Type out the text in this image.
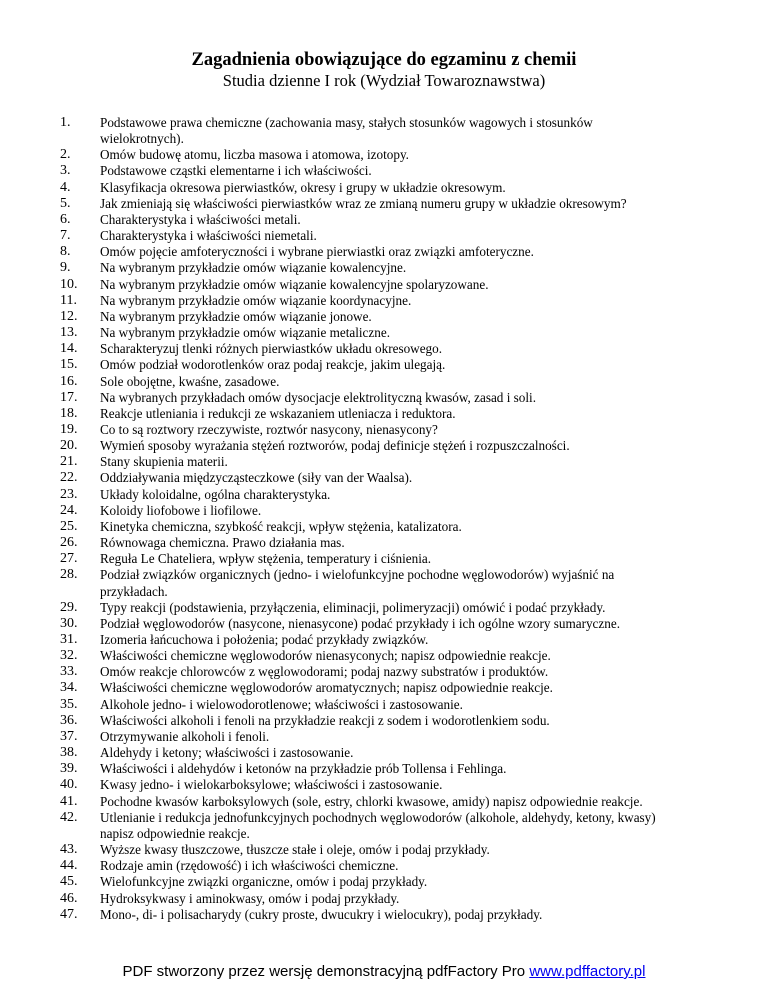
Zagadnienia obowiązujące do egzaminu z chemii
Studia dzienne I rok (Wydział Towaroznawstwa)
1.	Podstawowe prawa chemiczne (zachowania masy, stałych stosunków wagowych i stosunków wielokrotnych).
2.	Omów budowę atomu, liczba masowa i atomowa, izotopy.
3.	Podstawowe cząstki elementarne i ich właściwości.
4.	Klasyfikacja okresowa pierwiastków, okresy i grupy w układzie okresowym.
5.	Jak zmieniają się właściwości pierwiastków wraz ze zmianą numeru grupy w układzie okresowym?
6.	Charakterystyka i właściwości metali.
7.	Charakterystyka i właściwości niemetali.
8.	Omów pojęcie amfoteryczności i wybrane pierwiastki oraz związki amfoteryczne.
9.	Na wybranym przykładzie omów wiązanie kowalencyjne.
10.	Na wybranym przykładzie omów wiązanie kowalencyjne spolaryzowane.
11.	Na wybranym przykładzie omów wiązanie koordynacyjne.
12.	Na wybranym przykładzie omów wiązanie jonowe.
13.	Na wybranym przykładzie omów wiązanie metaliczne.
14.	Scharakteryzuj tlenki różnych pierwiastków układu okresowego.
15.	Omów podział wodorotlenków oraz podaj reakcje, jakim ulegają.
16.	Sole obojętne, kwaśne, zasadowe.
17.	Na wybranych przykładach omów dysocjacje elektrolityczną kwasów, zasad i soli.
18.	Reakcje utleniania i redukcji ze wskazaniem utleniacza i reduktora.
19.	Co to są roztwory rzeczywiste, roztwór nasycony, nienasycony?
20.	Wymień sposoby wyrażania stężeń roztworów, podaj definicje stężeń i rozpuszczalności.
21.	Stany skupienia materii.
22.	Oddziaływania międzycząsteczkowe (siły van der Waalsa).
23.	Układy koloidalne, ogólna charakterystyka.
24.	Koloidy liofobowe i liofilowe.
25.	Kinetyka chemiczna, szybkość reakcji, wpływ stężenia, katalizatora.
26.	Równowaga chemiczna. Prawo działania mas.
27.	Reguła Le Chateliera, wpływ stężenia, temperatury i ciśnienia.
28.	Podział związków organicznych (jedno- i wielofunkcyjne pochodne węglowodorów) wyjaśnić na przykładach.
29.	Typy reakcji (podstawienia, przyłączenia, eliminacji, polimeryzacji) omówić i podać przykłady.
30.	Podział węglowodorów (nasycone, nienasycone) podać przykłady i ich ogólne wzory sumaryczne.
31.	Izomeria łańcuchowa i położenia; podać przykłady związków.
32.	Właściwości chemiczne węglowodorów nienasyconych; napisz odpowiednie reakcje.
33.	Omów reakcje chlorowców z węglowodorami; podaj nazwy substratów i produktów.
34.	Właściwości chemiczne węglowodorów aromatycznych; napisz odpowiednie reakcje.
35.	Alkohole jedno- i wielowodorotlenowe; właściwości i zastosowanie.
36.	Właściwości alkoholi i fenoli na przykładzie reakcji z sodem i wodorotlenkiem sodu.
37.	Otrzymywanie alkoholi i fenoli.
38.	Aldehydy i ketony; właściwości i zastosowanie.
39.	Właściwości i aldehydów i ketonów na przykładzie prób Tollensa i Fehlinga.
40.	Kwasy jedno- i wielokarboksylowe; właściwości i zastosowanie.
41.	Pochodne kwasów karboksylowych (sole, estry, chlorki kwasowe, amidy) napisz odpowiednie reakcje.
42.	Utlenianie i redukcja jednofunkcyjnych pochodnych węglowodorów (alkohole, aldehydy, ketony, kwasy) napisz odpowiednie reakcje.
43.	Wyższe kwasy tłuszczowe, tłuszcze stałe i oleje, omów i podaj przykłady.
44.	Rodzaje amin (rzędowość) i ich właściwości chemiczne.
45.	Wielofunkcyjne związki organiczne, omów i podaj przykłady.
46.	Hydroksykwasy i aminokwasy, omów i podaj przykłady.
47.	Mono-, di- i polisacharydy (cukry proste, dwucukry i wielocukry), podaj przykłady.
PDF stworzony przez wersję demonstracyjną pdfFactory Pro www.pdffactory.pl
